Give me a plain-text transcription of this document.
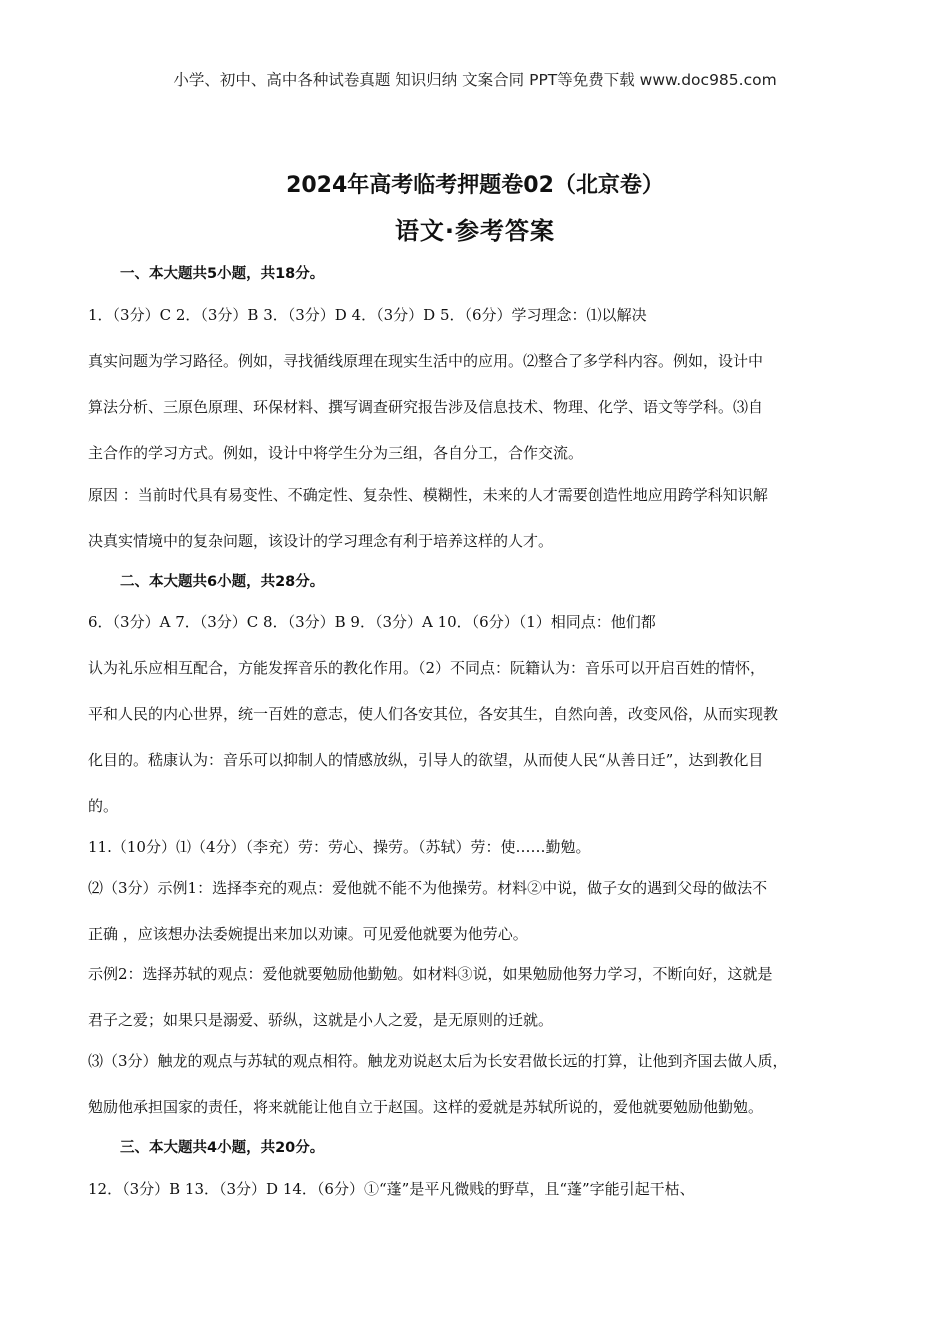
小学、初中、高中各种试卷真题 知识归纳 文案合同 PPT等免费下载 www.doc985.com
2024年高考临考押题卷02（北京卷）
语文·参考答案
一、本大题共5小题，共18分。
1．（3分）C 2．（3分）B 3．（3分）D 4．（3分）D 5．（6分）学习理念：⑴以解决
真实问题为学习路径。例如，寻找循线原理在现实生活中的应用。⑵整合了多学科内容。例如，设计中
算法分析、三原色原理、环保材料、撰写调查研究报告涉及信息技术、物理、化学、语文等学科。⑶自
主合作的学习方式。例如，设计中将学生分为三组，各自分工，合作交流。
原因 ：当前时代具有易变性、不确定性、复杂性、模糊性，未来的人才需要创造性地应用跨学科知识解
决真实情境中的复杂问题，该设计的学习理念有利于培养这样的人才。
二、本大题共6小题，共28分。
6．（3分）A 7．（3分）C 8．（3分）B 9．（3分）A 10．（6分）（1）相同点：他们都
认为礼乐应相互配合，方能发挥音乐的教化作用。（2）不同点：阮籍认为：音乐可以开启百姓的情怀，
平和人民的内心世界，统一百姓的意志，使人们各安其位，各安其生，自然向善，改变风俗，从而实现教
化目的。嵇康认为：音乐可以抑制人的情感放纵，引导人的欲望，从而使人民“从善日迁”，达到教化目
的。
11.（10分）⑴（4分）（李充）劳：劳心、操劳。（苏轼）劳：使……勤勉。
⑵（3分）示例1：选择李充的观点：爱他就不能不为他操劳。材料②中说，做子女的遇到父母的做法不
正确 ，应该想办法委婉提出来加以劝谏。可见爱他就要为他劳心。
示例2：选择苏轼的观点：爱他就要勉励他勤勉。如材料③说，如果勉励他努力学习，不断向好，这就是
君子之爱；如果只是溺爱、骄纵，这就是小人之爱，是无原则的迁就。
⑶（3分）触龙的观点与苏轼的观点相符。触龙劝说赵太后为长安君做长远的打算，让他到齐国去做人质，
勉励他承担国家的责任，将来就能让他自立于赵国。这样的爱就是苏轼所说的，爱他就要勉励他勤勉。
三、本大题共4小题，共20分。
12．（3分）B 13．（3分）D 14．（6分）①“蓬”是平凡微贱的野草，且“蓬”字能引起干枯、
